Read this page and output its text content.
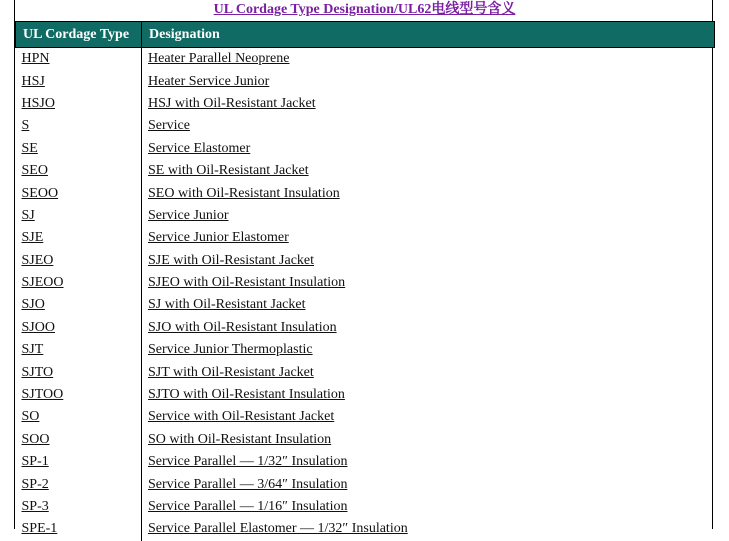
UL Cordage Type Designation/UL62电线型号含义
UL Cordage Type	Designation
HPN	Heater Parallel Neoprene
HSJ	Heater Service Junior
HSJO	HSJ with Oil-Resistant Jacket
S	Service
SE	Service Elastomer
SEO	SE with Oil-Resistant Jacket
SEOO	SEO with Oil-Resistant Insulation
SJ	Service Junior
SJE	Service Junior Elastomer
SJEO	SJE with Oil-Resistant Jacket
SJEOO	SJEO with Oil-Resistant Insulation
SJO	SJ with Oil-Resistant Jacket
SJOO	SJO with Oil-Resistant Insulation
SJT	Service Junior Thermoplastic
SJTO	SJT with Oil-Resistant Jacket
SJTOO	SJTO with Oil-Resistant Insulation
SO	Service with Oil-Resistant Jacket
SOO	SO with Oil-Resistant Insulation
SP-1	Service Parallel — 1/32″ Insulation
SP-2	Service Parallel — 3/64″ Insulation
SP-3	Service Parallel — 1/16″ Insulation
SPE-1	Service Parallel Elastomer — 1/32″ Insulation
